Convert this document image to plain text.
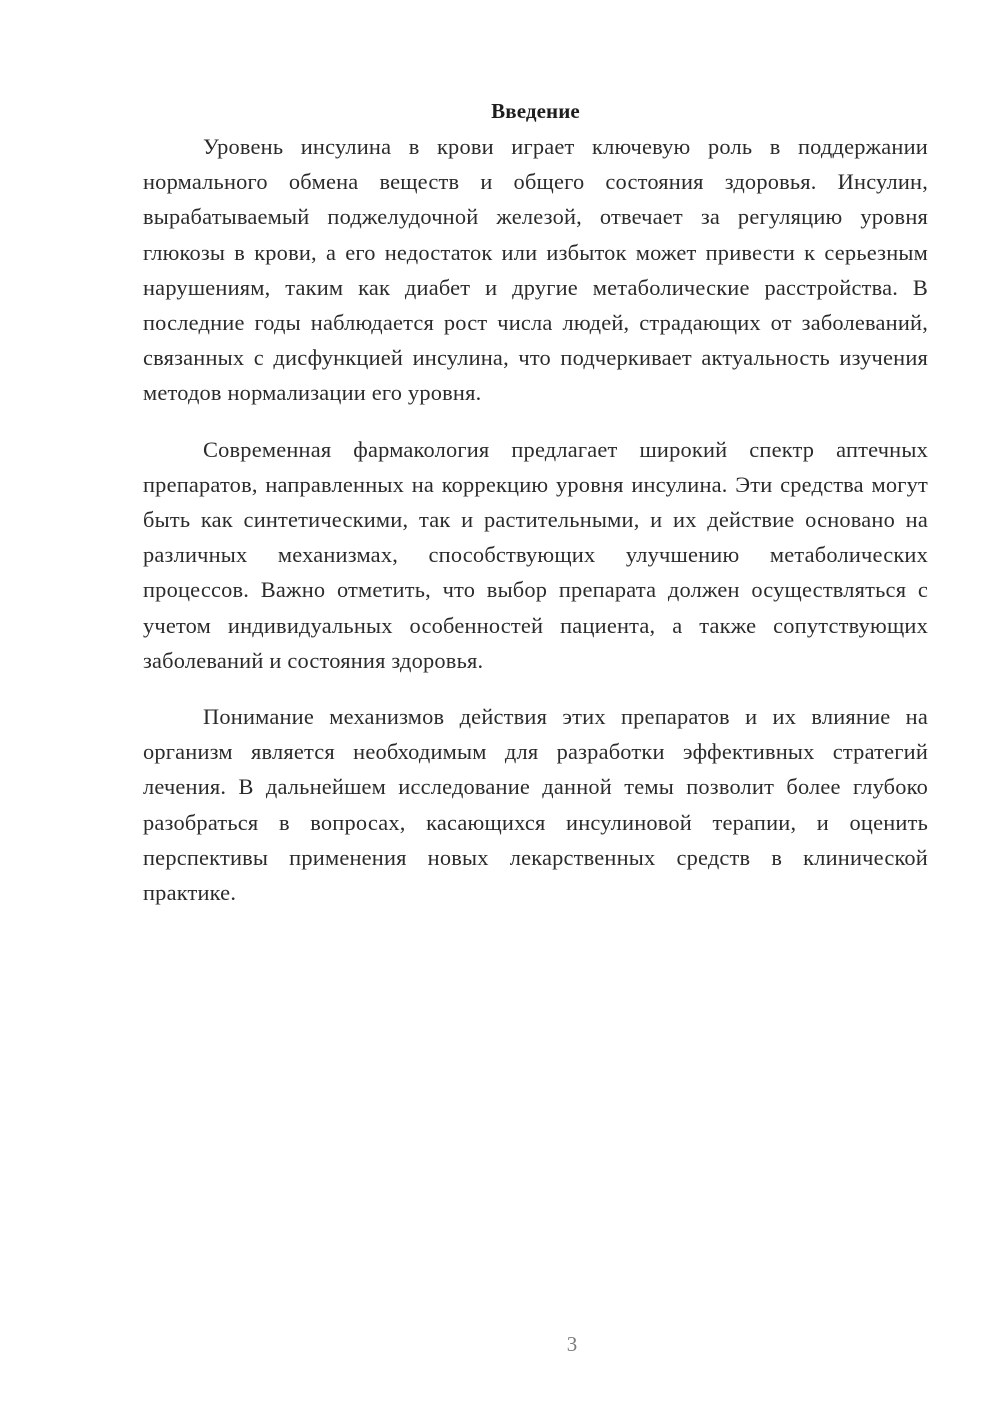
Введение

Уровень инсулина в крови играет ключевую роль в поддержании нормального обмена веществ и общего состояния здоровья. Инсулин, вырабатываемый поджелудочной железой, отвечает за регуляцию уровня глюкозы в крови, а его недостаток или избыток может привести к серьезным нарушениям, таким как диабет и другие метаболические расстройства. В последние годы наблюдается рост числа людей, страдающих от заболеваний, связанных с дисфункцией инсулина, что подчеркивает актуальность изучения методов нормализации его уровня.

Современная фармакология предлагает широкий спектр аптечных препаратов, направленных на коррекцию уровня инсулина. Эти средства могут быть как синтетическими, так и растительными, и их действие основано на различных механизмах, способствующих улучшению метаболических процессов. Важно отметить, что выбор препарата должен осуществляться с учетом индивидуальных особенностей пациента, а также сопутствующих заболеваний и состояния здоровья.

Понимание механизмов действия этих препаратов и их влияние на организм является необходимым для разработки эффективных стратегий лечения. В дальнейшем исследование данной темы позволит более глубоко разобраться в вопросах, касающихся инсулиновой терапии, и оценить перспективы применения новых лекарственных средств в клинической практике.

3
